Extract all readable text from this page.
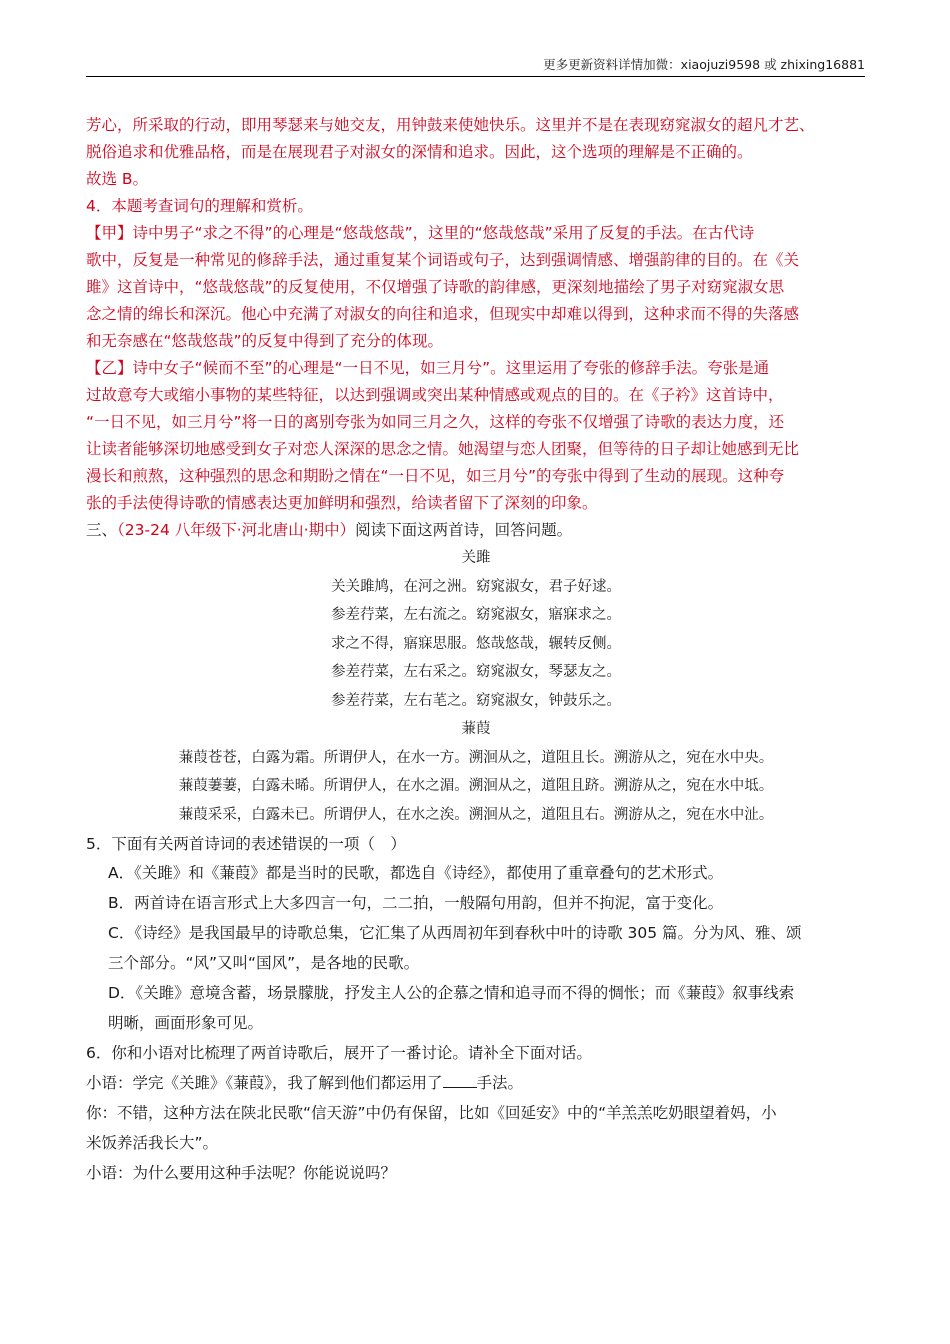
更多更新资料详情加微：xiaojuzi9598 或 zhixing16881

芳心，所采取的行动，即用琴瑟来与她交友，用钟鼓来使她快乐。这里并不是在表现窈窕淑女的超凡才艺、

脱俗追求和优雅品格，而是在展现君子对淑女的深情和追求。因此，这个选项的理解是不正确的。

故选 B。

4．本题考查词句的理解和赏析。

【甲】诗中男子“求之不得”的心理是“悠哉悠哉”，这里的“悠哉悠哉”采用了反复的手法。在古代诗

歌中，反复是一种常见的修辞手法，通过重复某个词语或句子，达到强调情感、增强韵律的目的。在《关

雎》这首诗中，“悠哉悠哉”的反复使用，不仅增强了诗歌的韵律感，更深刻地描绘了男子对窈窕淑女思

念之情的绵长和深沉。他心中充满了对淑女的向往和追求，但现实中却难以得到，这种求而不得的失落感

和无奈感在“悠哉悠哉”的反复中得到了充分的体现。

【乙】诗中女子“候而不至”的心理是“一日不见，如三月兮”。这里运用了夸张的修辞手法。夸张是通

过故意夸大或缩小事物的某些特征，以达到强调或突出某种情感或观点的目的。在《子衿》这首诗中，

“一日不见，如三月兮”将一日的离别夸张为如同三月之久，这样的夸张不仅增强了诗歌的表达力度，还

让读者能够深切地感受到女子对恋人深深的思念之情。她渴望与恋人团聚，但等待的日子却让她感到无比

漫长和煎熬，这种强烈的思念和期盼之情在“一日不见，如三月兮”的夸张中得到了生动的展现。这种夸

张的手法使得诗歌的情感表达更加鲜明和强烈，给读者留下了深刻的印象。

三、（23-24 八年级下·河北唐山·期中）阅读下面这两首诗，回答问题。

关雎
关关雎鸠，在河之洲。窈窕淑女，君子好逑。
参差荇菜，左右流之。窈窕淑女，寤寐求之。
求之不得，寤寐思服。悠哉悠哉，辗转反侧。
参差荇菜，左右采之。窈窕淑女，琴瑟友之。
参差荇菜，左右芼之。窈窕淑女，钟鼓乐之。
蒹葭
蒹葭苍苍，白露为霜。所谓伊人，在水一方。溯洄从之，道阻且长。溯游从之，宛在水中央。
蒹葭萋萋，白露未晞。所谓伊人，在水之湄。溯洄从之，道阻且跻。溯游从之，宛在水中坻。
蒹葭采采，白露未已。所谓伊人，在水之涘。溯洄从之，道阻且右。溯游从之，宛在水中沚。

5．下面有关两首诗词的表述错误的一项（　）

A．《关雎》和《蒹葭》都是当时的民歌，都选自《诗经》，都使用了重章叠句的艺术形式。

B．两首诗在语言形式上大多四言一句，二二拍，一般隔句用韵，但并不拘泥，富于变化。

C．《诗经》是我国最早的诗歌总集，它汇集了从西周初年到春秋中叶的诗歌 305 篇。分为风、雅、颂

三个部分。“风”又叫“国风”，是各地的民歌。

D．《关雎》意境含蓄，场景朦胧，抒发主人公的企慕之情和追寻而不得的惆怅；而《蒹葭》叙事线索

明晰，画面形象可见。

6．你和小语对比梳理了两首诗歌后，展开了一番讨论。请补全下面对话。

小语：学完《关雎》《蒹葭》，我了解到他们都运用了 手法。

你：不错，这种方法在陕北民歌“信天游”中仍有保留，比如《回延安》中的“羊羔羔吃奶眼望着妈，小

米饭养活我长大”。

小语：为什么要用这种手法呢？你能说说吗？
